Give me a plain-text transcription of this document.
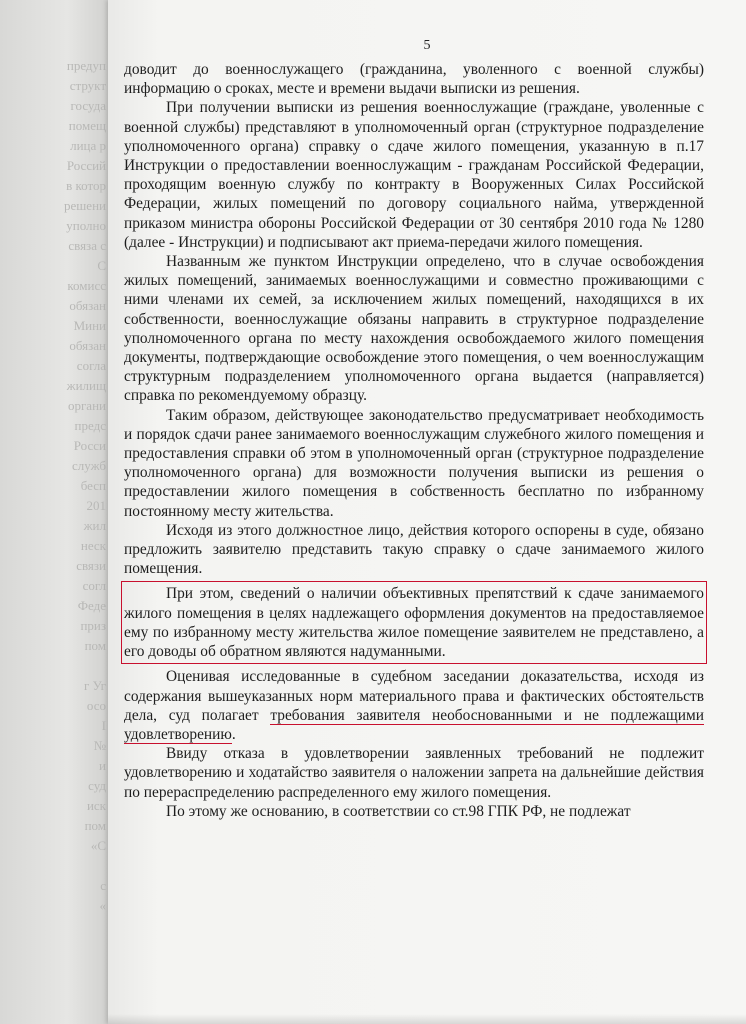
предуп
структ
госуда
помещ
лица р
Россий
в котор
решени
уполно
связа с
С
комисс
обязан
Мини
обязан
согла
жилищ
органи
предс
Росси
служб
бесп
201
жил
неск
связи
согл
Феде
приз
пом

г Уг
осо
I
№
и
суд
иск
пом
«С

с
«
5

доводит до военнослужащего (гражданина, уволенного с военной службы) информацию о сроках, месте и времени выдачи выписки из решения.

При получении выписки из решения военнослужащие (граждане, уволенные с военной службы) представляют в уполномоченный орган (структурное подразделение уполномоченного органа) справку о сдаче жилого помещения, указанную в п.17 Инструкции о предоставлении военнослужащим - гражданам Российской Федерации, проходящим военную службу по контракту в Вооруженных Силах Российской Федерации, жилых помещений по договору социального найма, утвержденной приказом министра обороны Российской Федерации от 30 сентября 2010 года № 1280 (далее - Инструкции) и подписывают акт приема-передачи жилого помещения.

Названным же пунктом Инструкции определено, что в случае освобождения жилых помещений, занимаемых военнослужащими и совместно проживающими с ними членами их семей, за исключением жилых помещений, находящихся в их собственности, военнослужащие обязаны направить в структурное подразделение уполномоченного органа по месту нахождения освобождаемого жилого помещения документы, подтверждающие освобождение этого помещения, о чем военнослужащим структурным подразделением уполномоченного органа выдается (направляется) справка по рекомендуемому образцу.

Таким образом, действующее законодательство предусматривает необходимость и порядок сдачи ранее занимаемого военнослужащим служебного жилого помещения и предоставления справки об этом в уполномоченный орган (структурное подразделение уполномоченного органа) для возможности получения выписки из решения о предоставлении жилого помещения в собственность бесплатно по избранному постоянному месту жительства.

Исходя из этого должностное лицо, действия которого оспорены в суде, обязано предложить заявителю представить такую справку о сдаче занимаемого жилого помещения.

При этом, сведений о наличии объективных препятствий к сдаче занимаемого жилого помещения в целях надлежащего оформления документов на предоставляемое ему по избранному месту жительства жилое помещение заявителем не представлено, а его доводы об обратном являются надуманными.

Оценивая исследованные в судебном заседании доказательства, исходя из содержания вышеуказанных норм материального права и фактических обстоятельств дела, суд полагает требования заявителя необоснованными и не подлежащими удовлетворению.

Ввиду отказа в удовлетворении заявленных требований не подлежит удовлетворению и ходатайство заявителя о наложении запрета на дальнейшие действия по перераспределению распределенного ему жилого помещения.

По этому же основанию, в соответствии со ст.98 ГПК РФ, не подлежат
